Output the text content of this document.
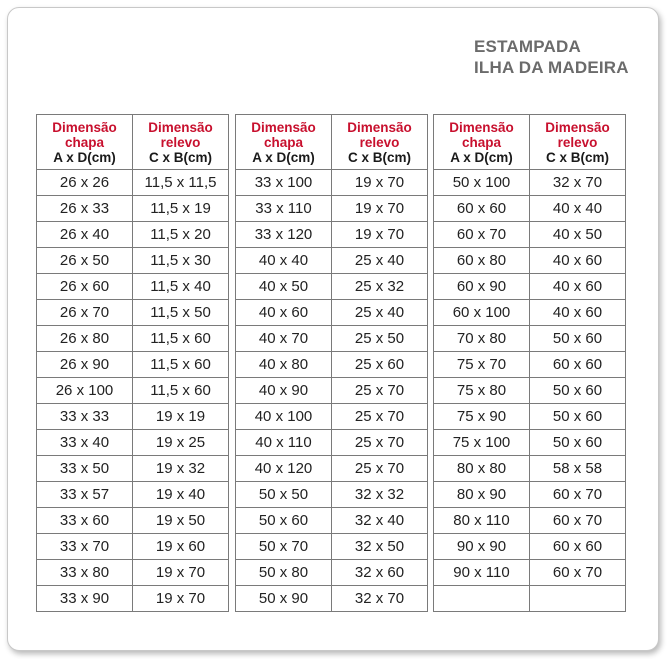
ESTAMPADA
ILHA DA MADEIRA
Dimensão
chapa
A x D(cm)	Dimensão
relevo
C x B(cm)

26 x 26	11,5 x 11,5
26 x 33	11,5 x 19
26 x 40	11,5 x 20
26 x 50	11,5 x 30
26 x 60	11,5 x 40
26 x 70	11,5 x 50
26 x 80	11,5 x 60
26 x 90	11,5 x 60
26 x 100	11,5 x 60
33 x 33	19 x 19
33 x 40	19 x 25
33 x 50	19 x 32
33 x 57	19 x 40
33 x 60	19 x 50
33 x 70	19 x 60
33 x 80	19 x 70
33 x 90	19 x 70
Dimensão
chapa
A x D(cm)	Dimensão
relevo
C x B(cm)

33 x 100	19 x 70
33 x 110	19 x 70
33 x 120	19 x 70
40 x 40	25 x 40
40 x 50	25 x 32
40 x 60	25 x 40
40 x 70	25 x 50
40 x 80	25 x 60
40 x 90	25 x 70
40 x 100	25 x 70
40 x 110	25 x 70
40 x 120	25 x 70
50 x 50	32 x 32
50 x 60	32 x 40
50 x 70	32 x 50
50 x 80	32 x 60
50 x 90	32 x 70
Dimensão
chapa
A x D(cm)	Dimensão
relevo
C x B(cm)

50 x 100	32 x 70
60 x 60	40 x 40
60 x 70	40 x 50
60 x 80	40 x 60
60 x 90	40 x 60
60 x 100	40 x 60
70 x 80	50 x 60
75 x 70	60 x 60
75 x 80	50 x 60
75 x 90	50 x 60
75 x 100	50 x 60
80 x 80	58 x 58
80 x 90	60 x 70
80 x 110	60 x 70
90 x 90	60 x 60
90 x 110	60 x 70
